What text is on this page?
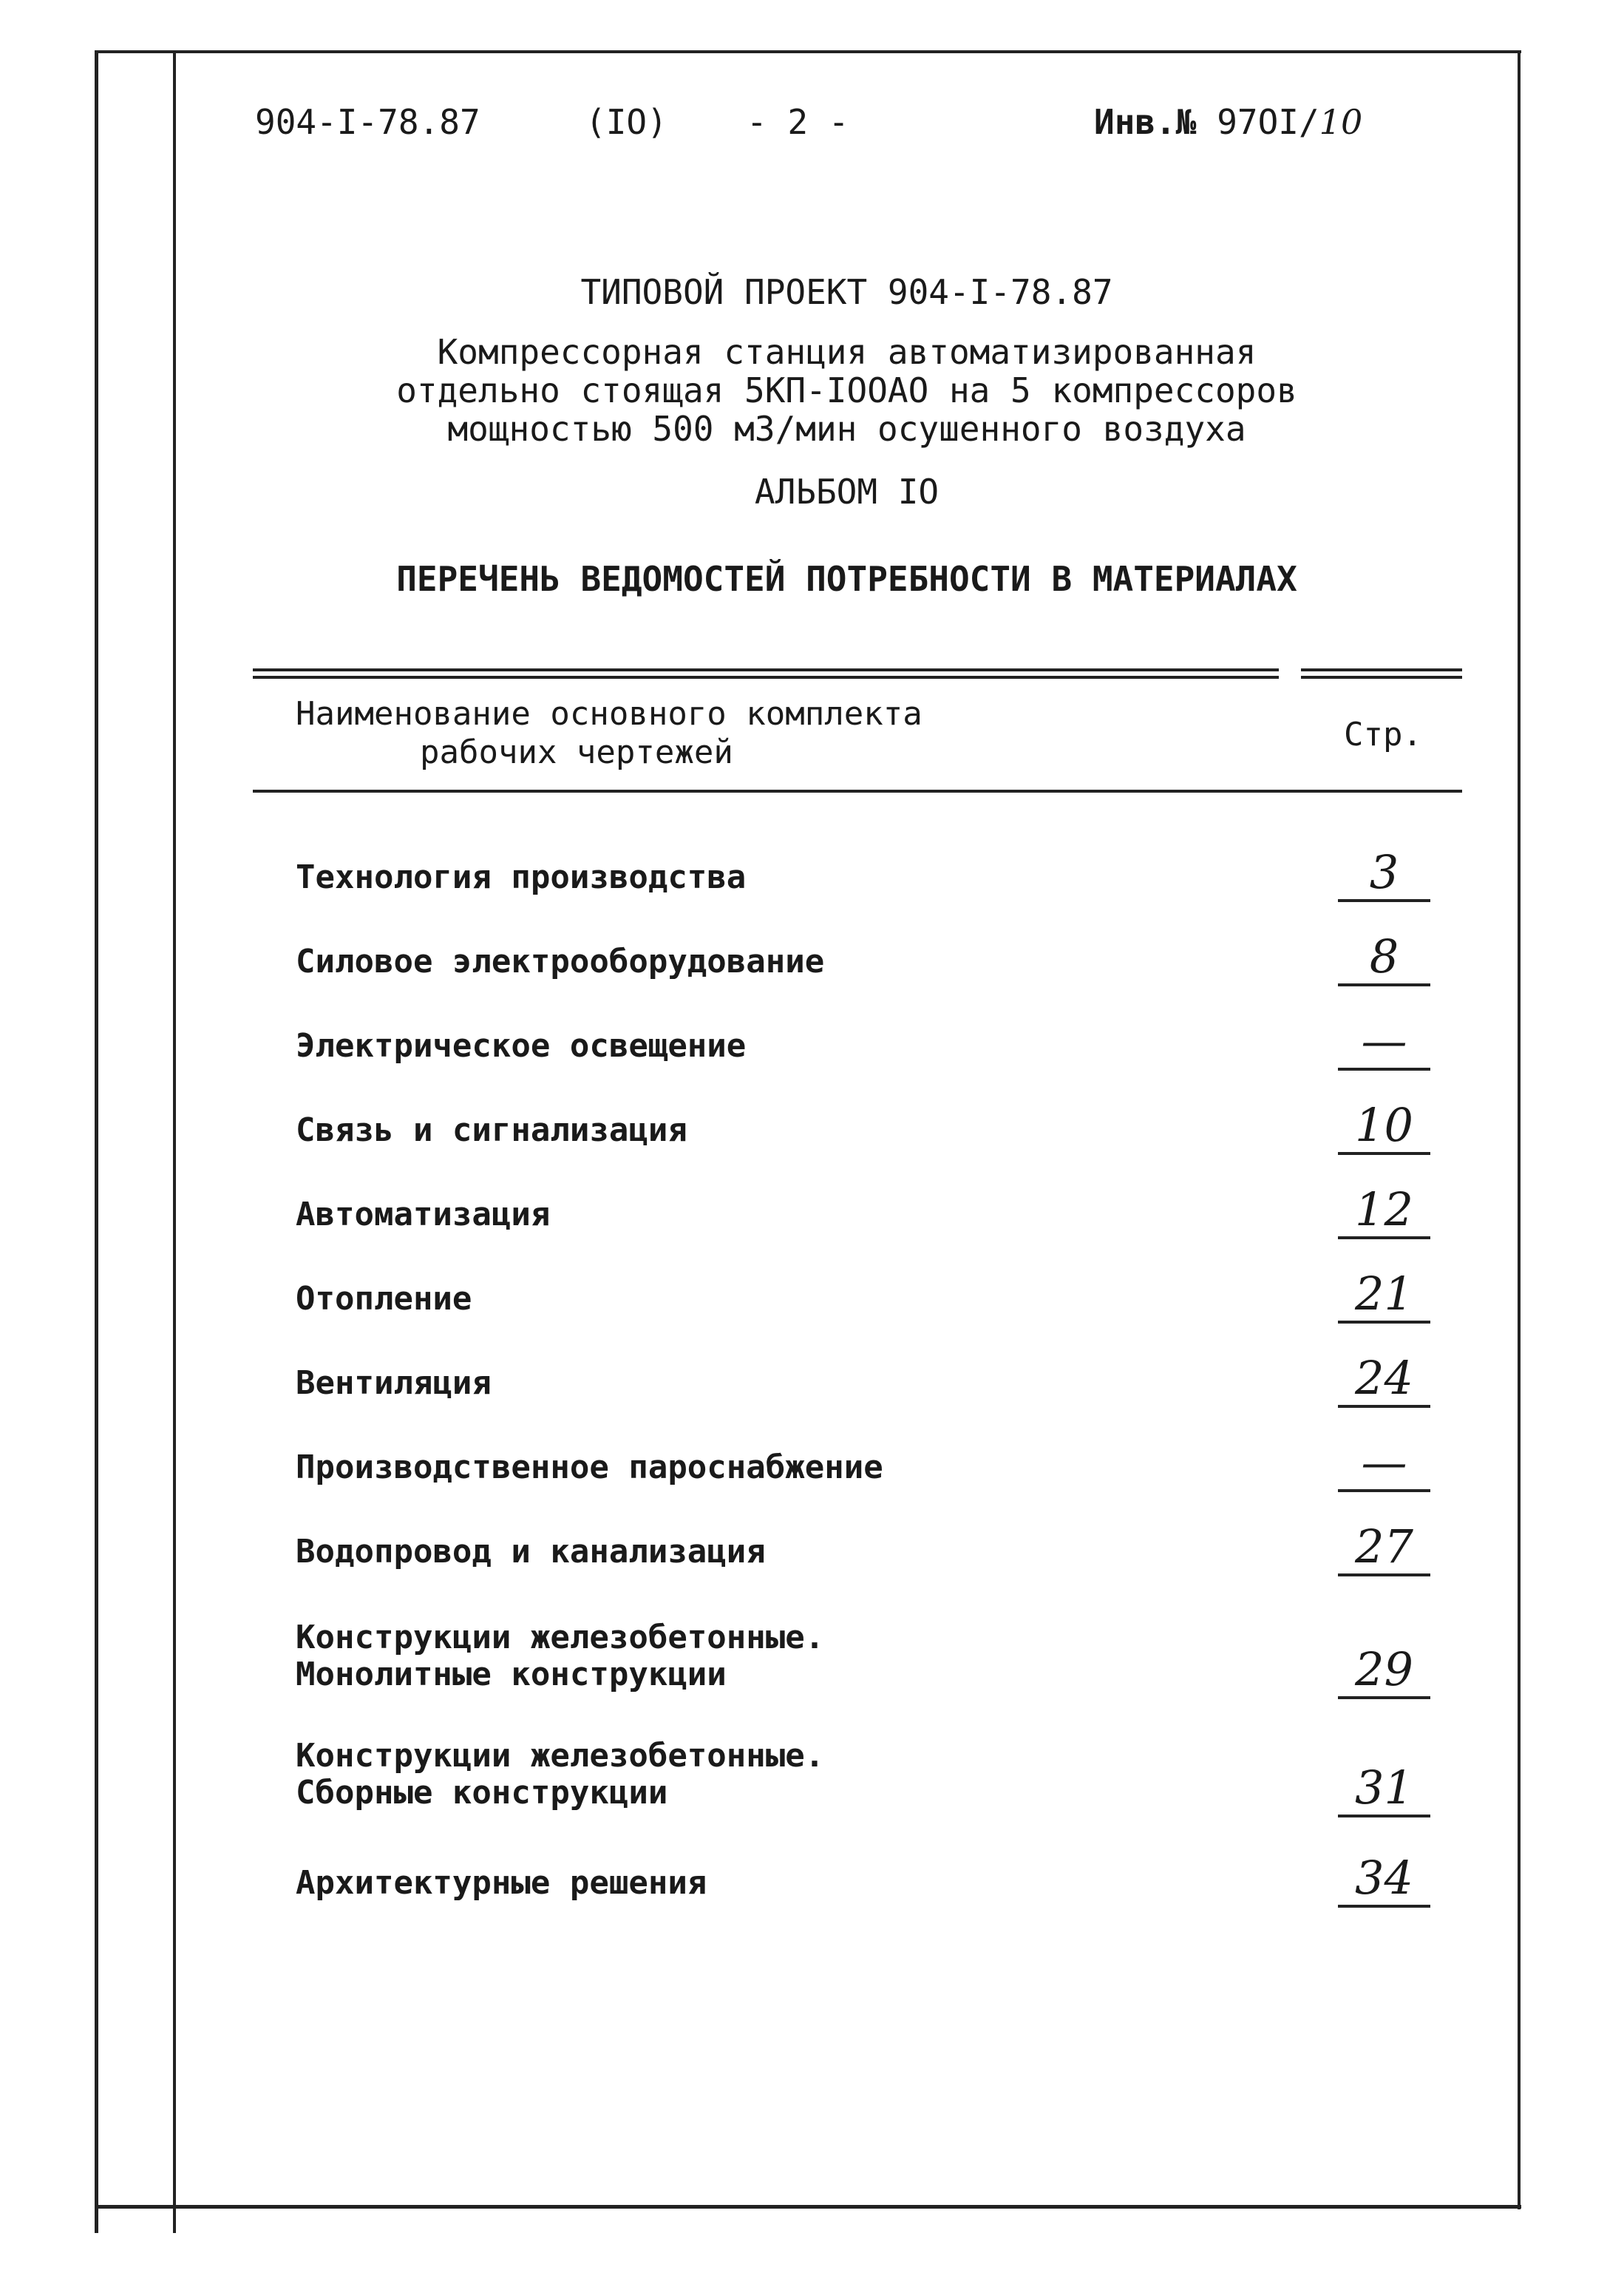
904-I-78.87	(IO) - 2 -	Инв.№ 97ОI/10
ТИПОВОЙ ПРОЕКТ 904-I-78.87
Компрессорная станция автоматизированная
отдельно стоящая 5КП-IООАО на 5 компрессоров
мощностью 500 м3/мин осушенного воздуха
АЛЬБОМ IO
ПЕРЕЧЕНЬ ВЕДОМОСТЕЙ ПОТРЕБНОСТИ В МАТЕРИАЛАХ
Наименование основного комплекта
рабочих чертежей	Стр.
Технология производства	3
Силовое электрооборудование	8
Электрическое освещение	—
Связь и сигнализация	10
Автоматизация	12
Отопление	21
Вентиляция	24
Производственное пароснабжение	—
Водопровод и канализация	27
Конструкции железобетонные.
Монолитные конструкции	29
Конструкции железобетонные.
Сборные конструкции	31
Архитектурные решения	34
